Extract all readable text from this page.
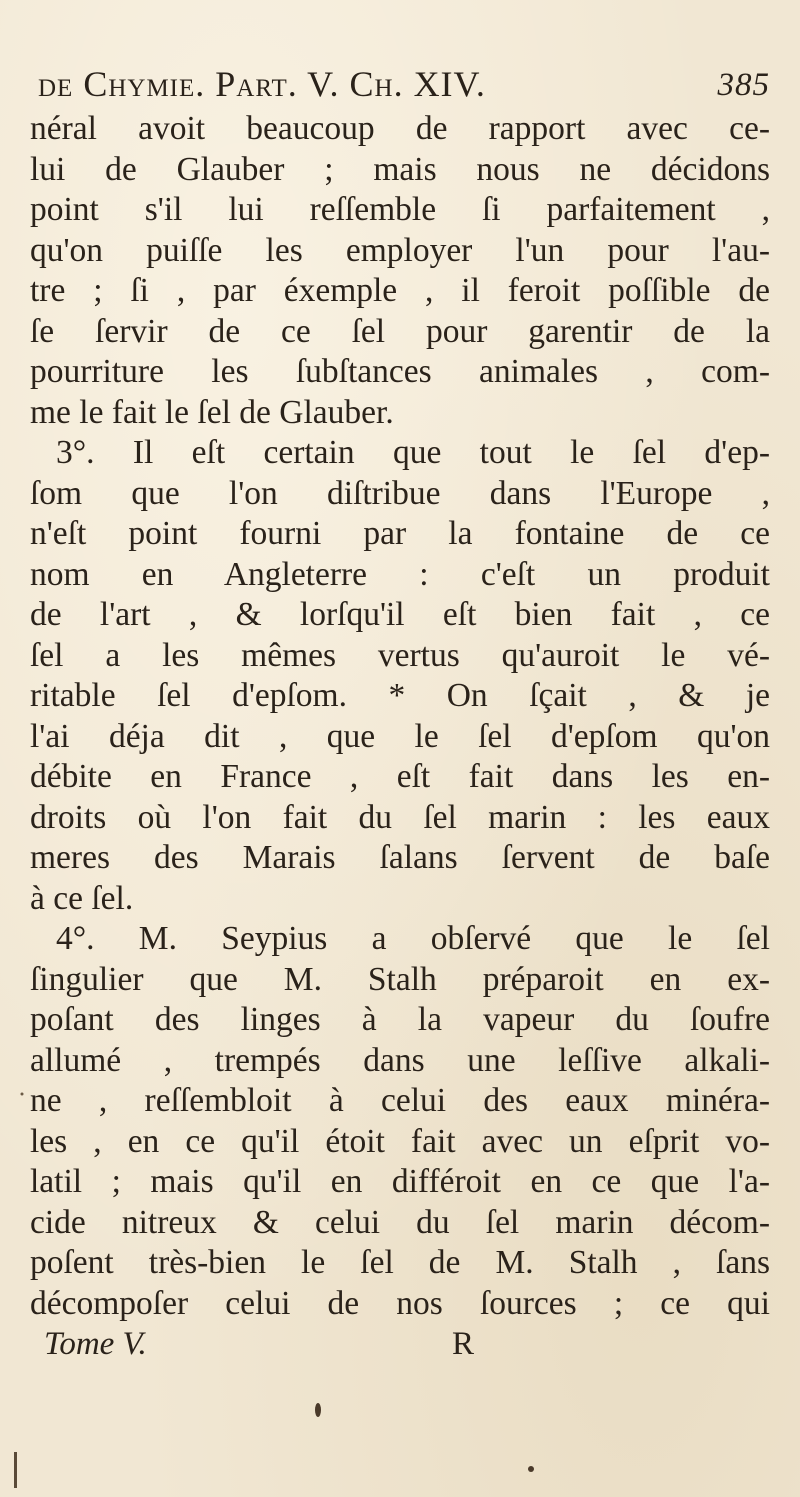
de Chymie. Part. V. Ch. XIV.	385
néral avoit beaucoup de rapport avec ce-
lui de Glauber ; mais nous ne décidons
point s'il lui reſſemble ſi parfaitement ,
qu'on puiſſe les employer l'un pour l'au-
tre ; ſi , par éxemple , il feroit poſſible de
ſe ſervir de ce ſel pour garentir de la
pourriture les ſubſtances animales , com-
me le fait le ſel de Glauber.
3°. Il eſt certain que tout le ſel d'ep-
ſom que l'on diſtribue dans l'Europe ,
n'eſt point fourni par la fontaine de ce
nom en Angleterre : c'eſt un produit
de l'art , & lorſqu'il eſt bien fait , ce
ſel a les mêmes vertus qu'auroit le vé-
ritable ſel d'epſom. * On ſçait , & je
l'ai déja dit , que le ſel d'epſom qu'on
débite en France , eſt fait dans les en-
droits où l'on fait du ſel marin : les eaux
meres des Marais ſalans ſervent de baſe
à ce ſel.
4°. M. Seypius a obſervé que le ſel
ſingulier que M. Stalh préparoit en ex-
poſant des linges à la vapeur du ſoufre
allumé , trempés dans une leſſive alkali-
ne , reſſembloit à celui des eaux minéra-
les , en ce qu'il étoit fait avec un eſprit vo-
latil ; mais qu'il en différoit en ce que l'a-
cide nitreux & celui du ſel marin décom-
poſent très-bien le ſel de M. Stalh , ſans
décompoſer celui de nos ſources ; ce qui
Tome V.	R
